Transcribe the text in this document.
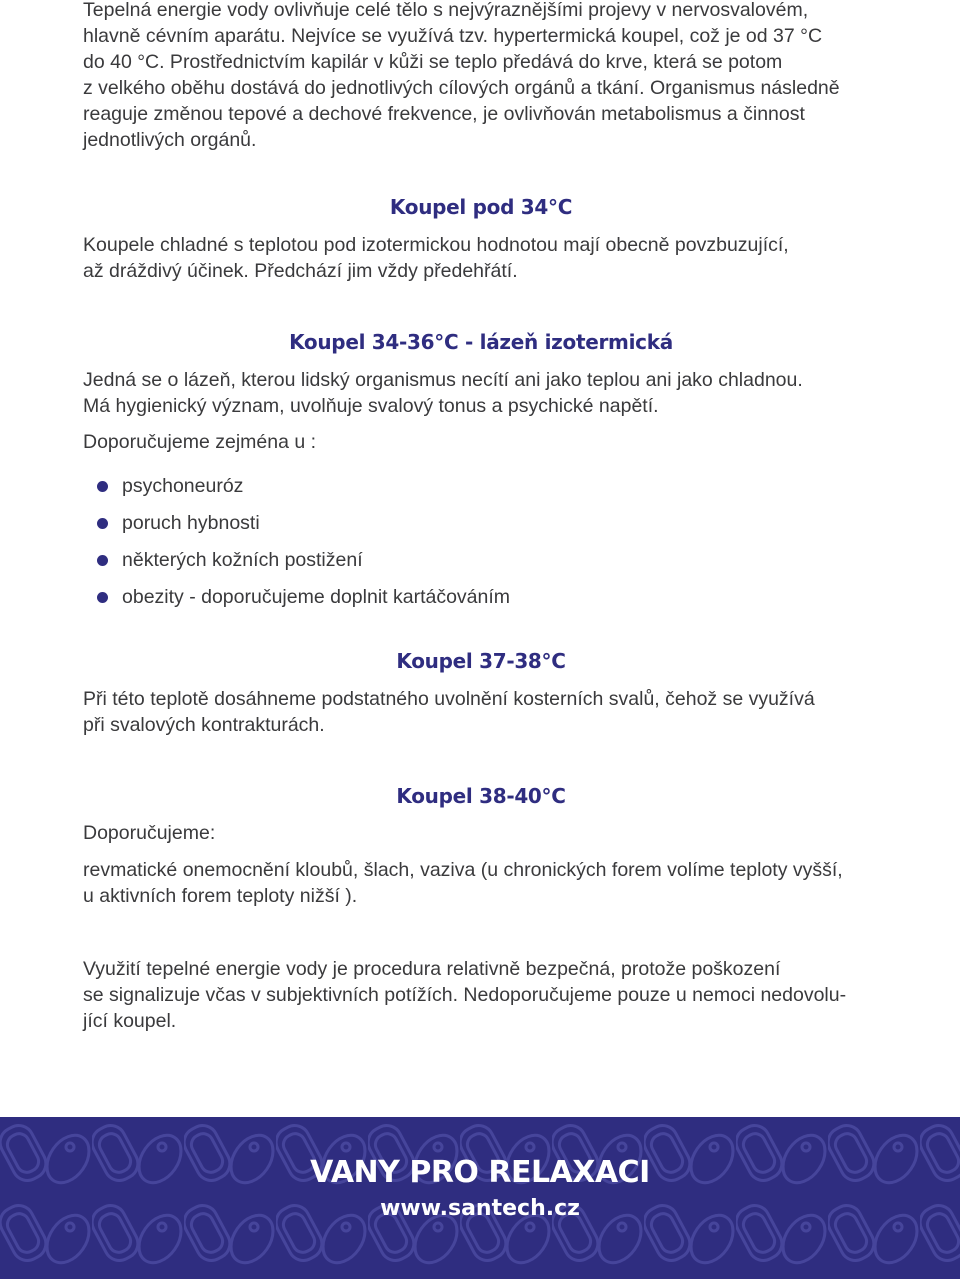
Tepelná energie vody ovlivňuje celé tělo s nejvýraznějšími projevy v nervosvalovém,

hlavně cévním aparátu. Nejvíce se využívá tzv. hypertermická koupel, což je od 37 °C

do 40 °C. Prostřednictvím kapilár v kůži se teplo předává do krve, která se potom

z velkého oběhu dostává do jednotlivých cílových orgánů a tkání. Organismus následně

reaguje změnou tepové a dechové frekvence, je ovlivňován metabolismus a činnost

jednotlivých orgánů.

Koupel pod 34°C

Koupele chladné s teplotou pod izotermickou hodnotou mají obecně povzbuzující,

až dráždivý účinek. Předchází jim vždy předehřátí.

Koupel 34-36°C - lázeň izotermická

Jedná se o lázeň, kterou lidský organismus necítí ani jako teplou ani jako chladnou.

Má hygienický význam, uvolňuje svalový tonus a psychické napětí.

Doporučujeme zejména u :

psychoneuróz
poruch hybnosti
některých kožních postižení
obezity - doporučujeme doplnit kartáčováním
Koupel 37-38°C

Při této teplotě dosáhneme podstatného uvolnění kosterních svalů, čehož se využívá

při svalových kontrakturách.

Koupel 38-40°C

Doporučujeme:

revmatické onemocnění kloubů, šlach, vaziva (u chronických forem volíme teploty vyšší,

u aktivních forem teploty nižší ).

Využití tepelné energie vody je procedura relativně bezpečná, protože poškození

se signalizuje včas v subjektivních potížích. Nedoporučujeme pouze u nemoci nedovolu-

jící koupel.

VANY PRO RELAXACI
www.santech.cz
